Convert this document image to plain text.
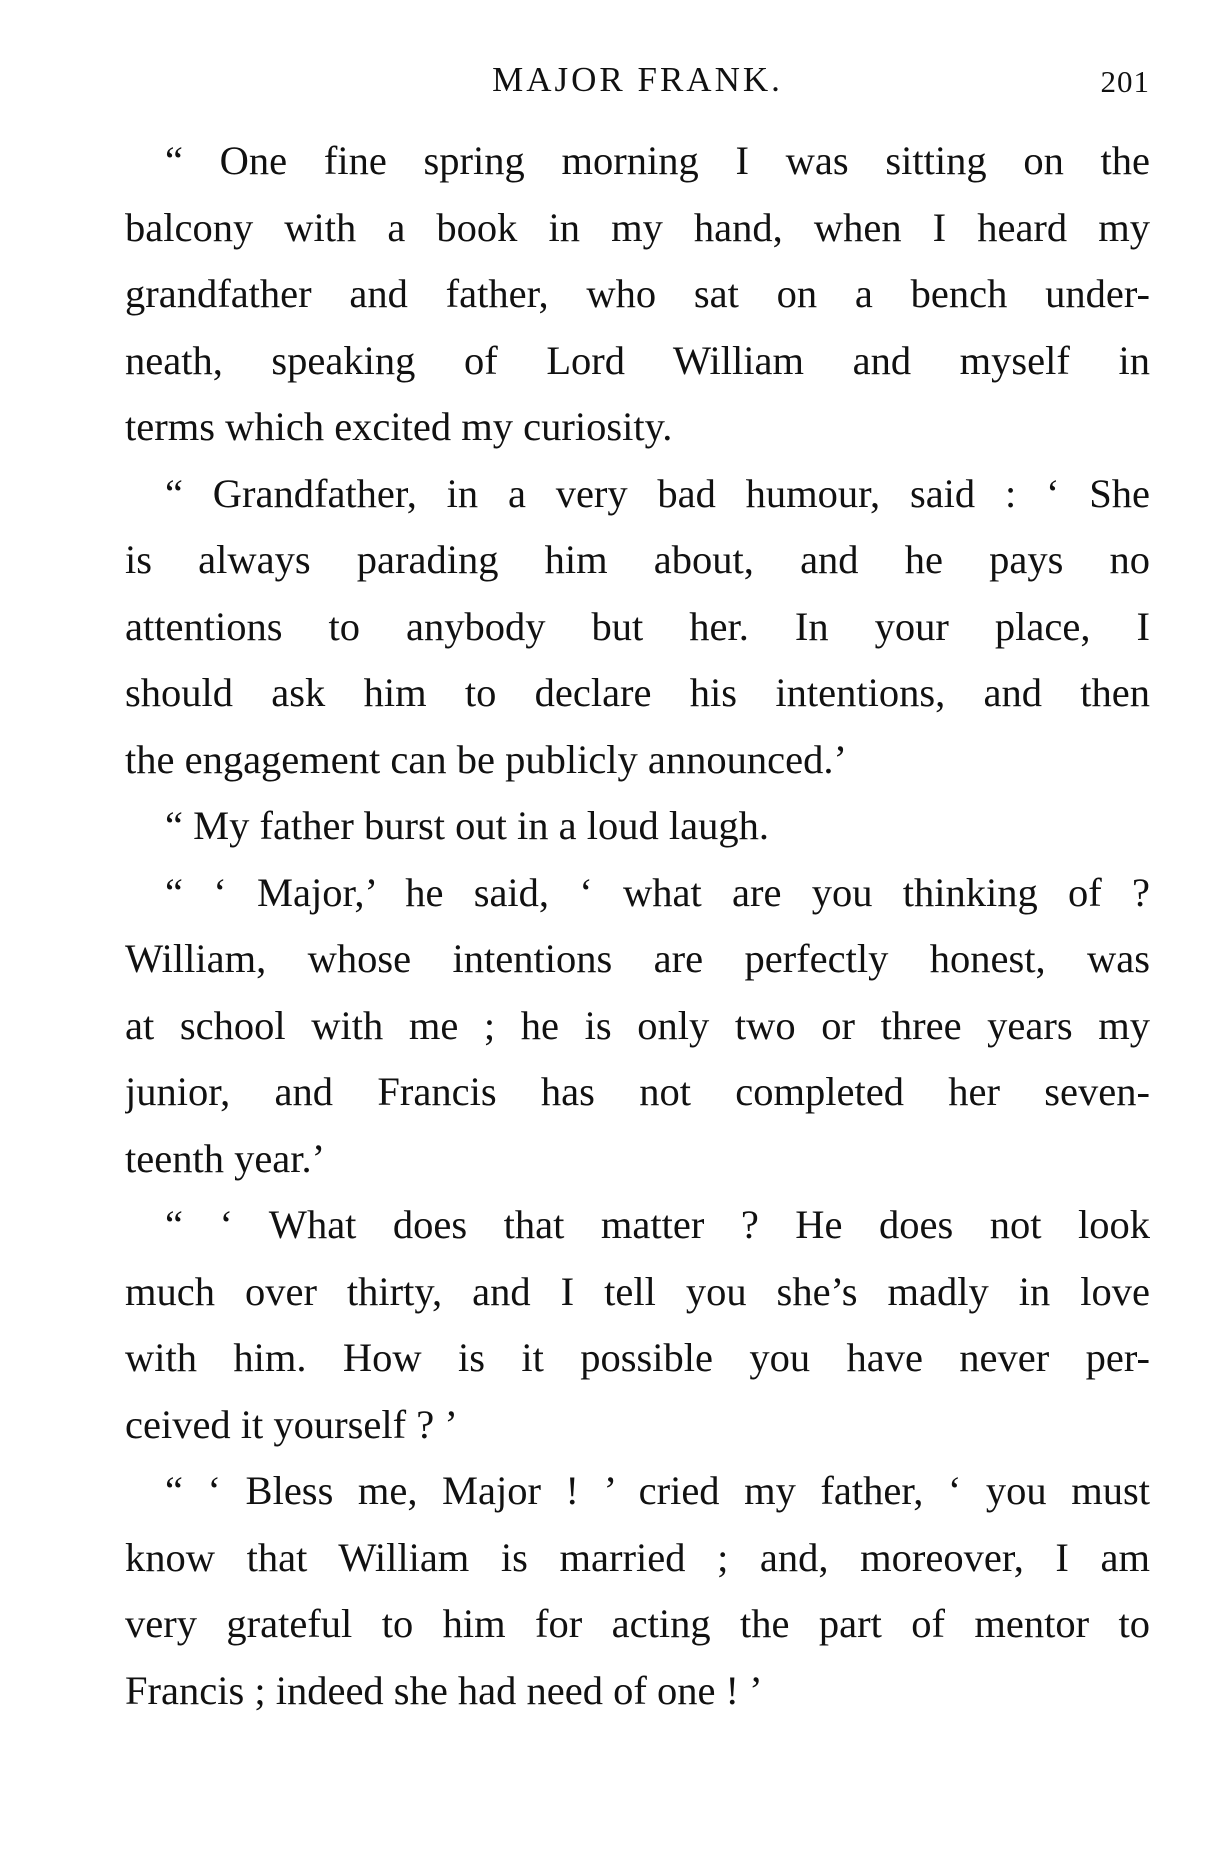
MAJOR FRANK.	201
“ One fine spring morning I was sitting on the
balcony with a book in my hand, when I heard my
grandfather and father, who sat on a bench under-
neath, speaking of Lord William and myself in
terms which excited my curiosity.
“ Grandfather, in a very bad humour, said : ‘ She
is always parading him about, and he pays no
attentions to anybody but her. In your place, I
should ask him to declare his intentions, and then
the engagement can be publicly announced.’
“ My father burst out in a loud laugh.
“ ‘ Major,’ he said, ‘ what are you thinking of ?
William, whose intentions are perfectly honest, was
at school with me ; he is only two or three years my
junior, and Francis has not completed her seven-
teenth year.’
“ ‘ What does that matter ? He does not look
much over thirty, and I tell you she’s madly in love
with him. How is it possible you have never per-
ceived it yourself ? ’
“ ‘ Bless me, Major ! ’ cried my father, ‘ you must
know that William is married ; and, moreover, I am
very grateful to him for acting the part of mentor to
Francis ; indeed she had need of one ! ’
